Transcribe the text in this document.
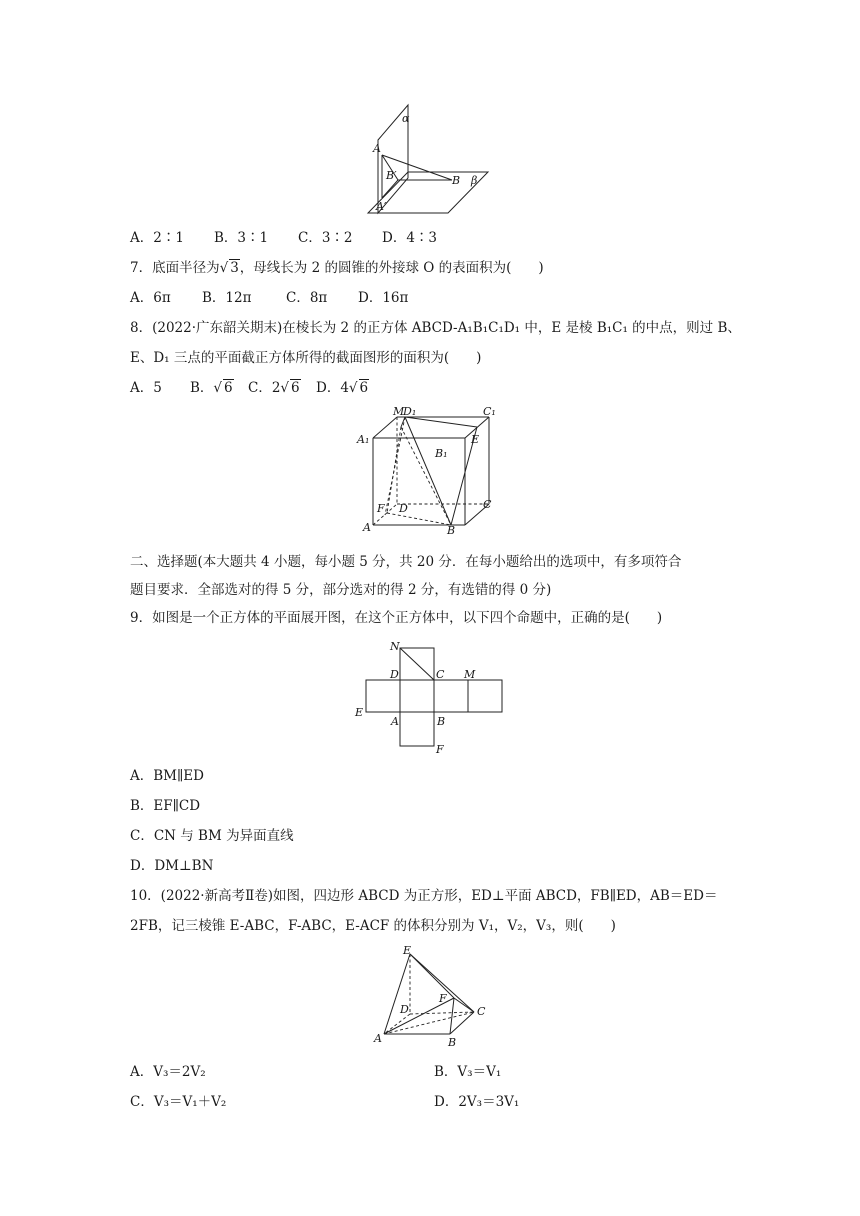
α
A
B′	B β
A′
A．2∶1 B．3∶1 C．3∶2 D．4∶3
7．底面半径为√ 3，母线长为 2 的圆锥的外接球 O 的表面积为(　　)
A．6π B．12π	C．8π D．16π
8．(2022·广东韶关期末)在棱长为 2 的正方体 ABCD-A₁B₁C₁D₁ 中，E 是棱 B₁C₁ 的中点，则过 B、
E、D₁ 三点的平面截正方体所得的截面图形的面积为(　　)
A．5 B．√ 6 C．2√ 6 D．4√ 6
M
D₁	C₁
A₁	E
B₁
F D	C
A	B
二、选择题(本大题共 4 小题，每小题 5 分，共 20 分．在每小题给出的选项中，有多项符合
题目要求．全部选对的得 5 分，部分选对的得 2 分，有选错的得 0 分)
9．如图是一个正方体的平面展开图，在这个正方体中，以下四个命题中，正确的是(　　)
N
D	C M
E
A	B
F
A．BM∥ED
B．EF∥CD
C．CN 与 BM 为异面直线
D．DM⊥BN
10．(2022·新高考Ⅱ卷)如图，四边形 ABCD 为正方形，ED⊥平面 ABCD，FB∥ED，AB＝ED＝
2FB，记三棱锥 E-ABC，F-ABC，E-ACF 的体积分别为 V₁，V₂，V₃，则(　　)
E
F
D	C
A	B
A．V₃＝2V₂	B．V₃＝V₁
C．V₃＝V₁＋V₂	D．2V₃＝3V₁
